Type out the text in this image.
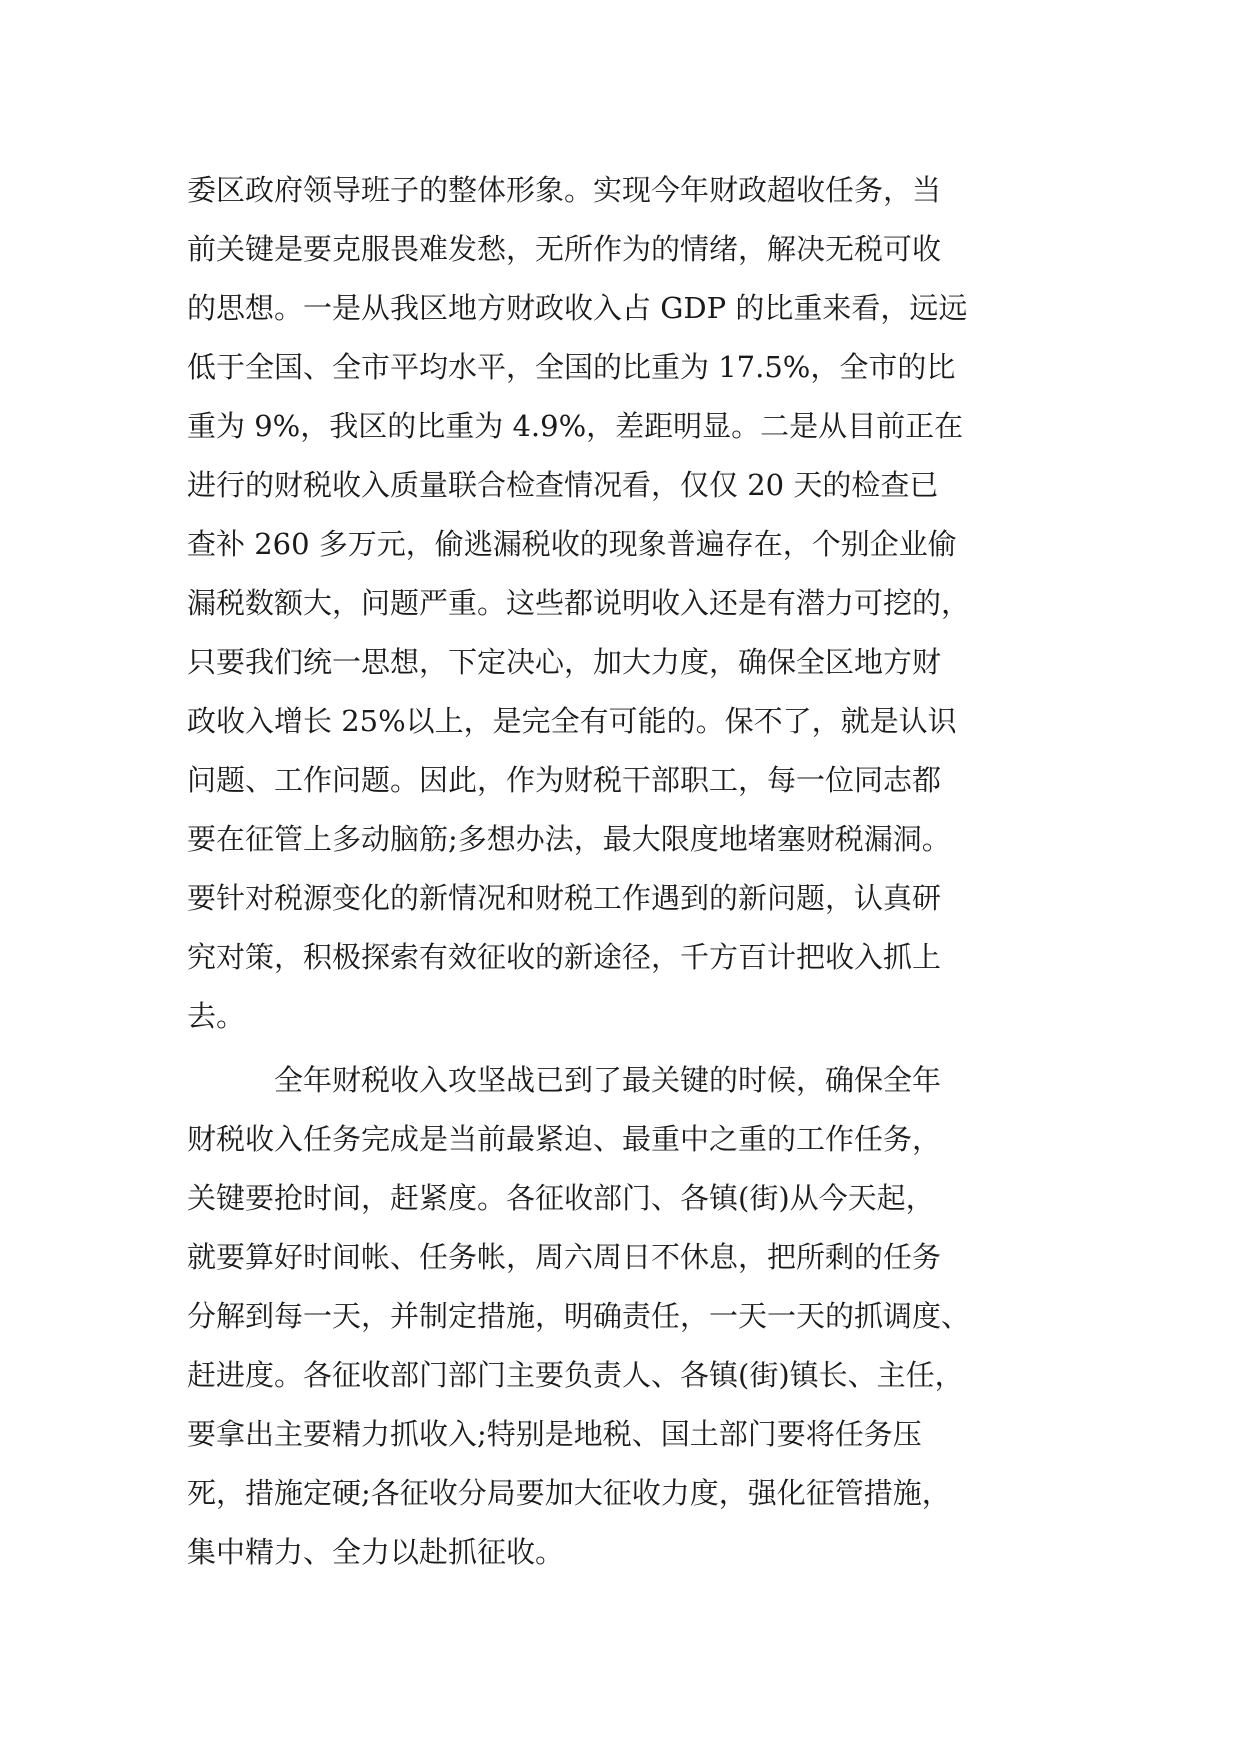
委区政府领导班子的整体形象。实现今年财政超收任务，当
前关键是要克服畏难发愁，无所作为的情绪，解决无税可收
的思想。一是从我区地方财政收入占 GDP 的比重来看，远远
低于全国、全市平均水平，全国的比重为 17.5%，全市的比
重为 9%，我区的比重为 4.9%，差距明显。二是从目前正在
进行的财税收入质量联合检查情况看，仅仅 20 天的检查已
查补 260 多万元，偷逃漏税收的现象普遍存在，个别企业偷
漏税数额大，问题严重。这些都说明收入还是有潜力可挖的，
只要我们统一思想，下定决心，加大力度，确保全区地方财
政收入增长 25%以上，是完全有可能的。保不了，就是认识
问题、工作问题。因此，作为财税干部职工，每一位同志都
要在征管上多动脑筋;多想办法，最大限度地堵塞财税漏洞。
要针对税源变化的新情况和财税工作遇到的新问题，认真研
究对策，积极探索有效征收的新途径，千方百计把收入抓上
去。
全年财税收入攻坚战已到了最关键的时候，确保全年
财税收入任务完成是当前最紧迫、最重中之重的工作任务，
关键要抢时间，赶紧度。各征收部门、各镇(街)从今天起，
就要算好时间帐、任务帐，周六周日不休息，把所剩的任务
分解到每一天，并制定措施，明确责任，一天一天的抓调度、
赶进度。各征收部门部门主要负责人、各镇(街)镇长、主任，
要拿出主要精力抓收入;特别是地税、国土部门要将任务压
死，措施定硬;各征收分局要加大征收力度，强化征管措施，
集中精力、全力以赴抓征收。
